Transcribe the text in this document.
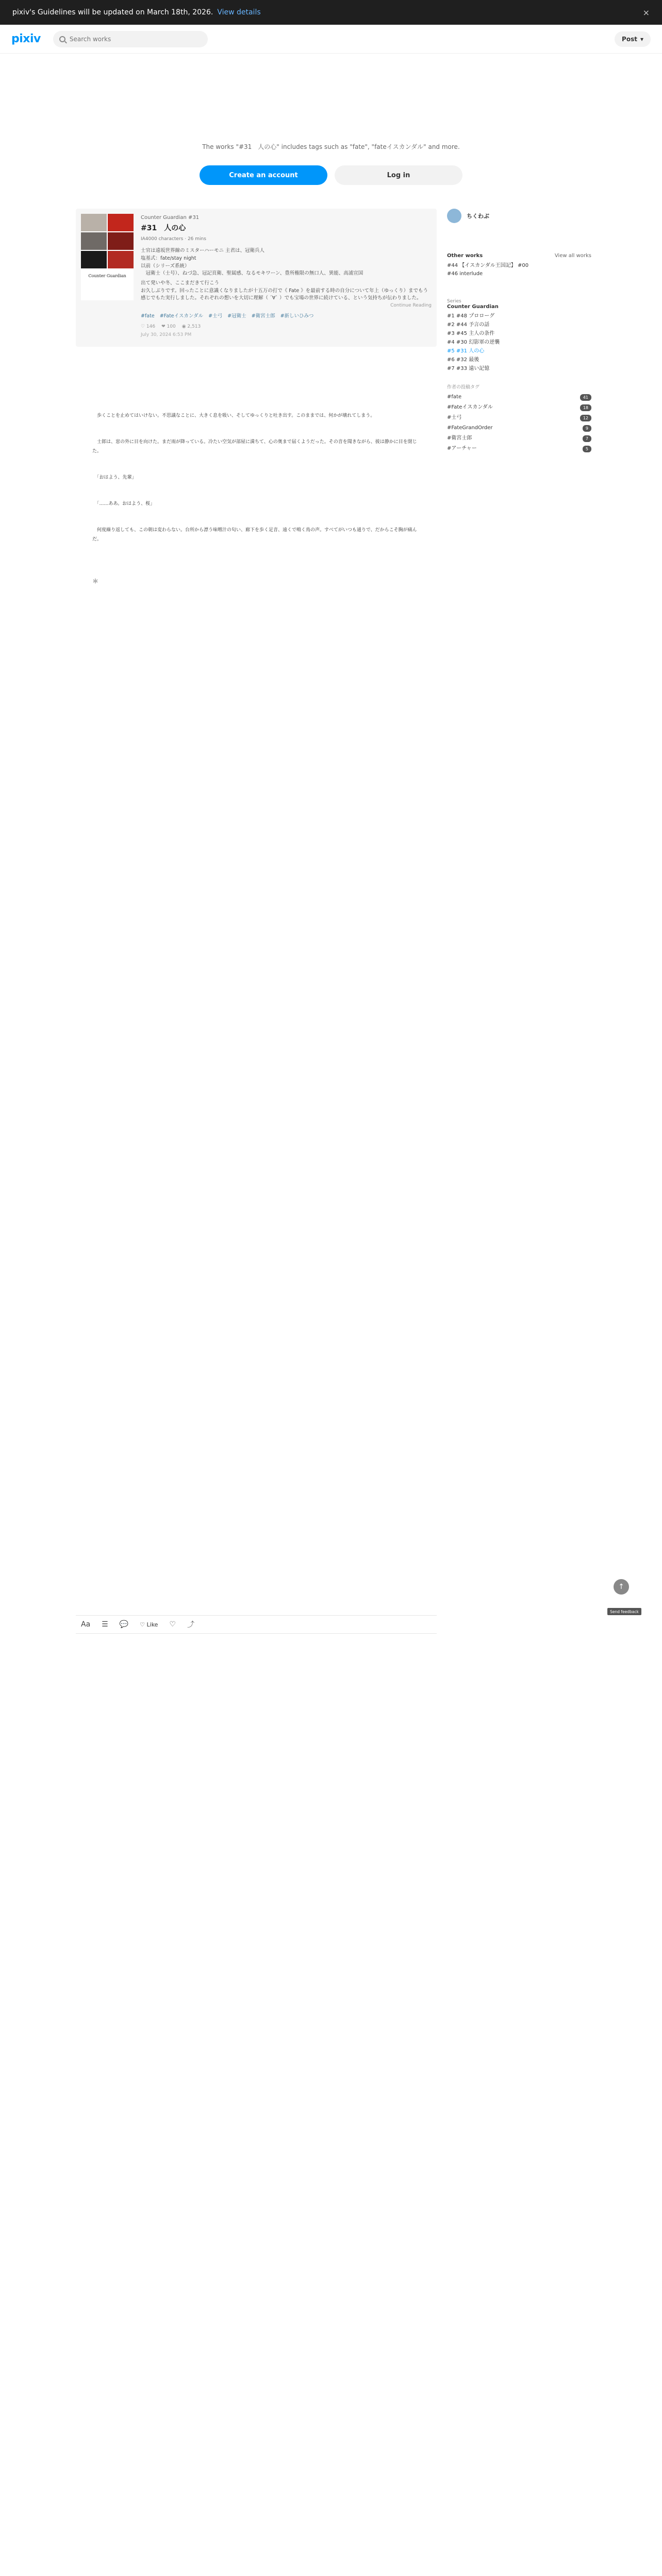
pixiv's Guidelines will be updated on March 18th, 2026. View details	×
pixiv
Search works	Post ▾
The works "#31　人の心" includes tags such as "fate", "fateイスカンダル" and more.
Create an account	Log in
Counter Guardian
Counter Guardian #31
#31　人の心
IA4000 characters · 26 mins
士官は遠坂世界線のミスターハーモニ 主君は、冠衛兵人
塩基式：fate/stay night
以前（シリーズ系統）
　冠衛士（士号）、ねづ急、冠記頁衛、聖属感、なるモキワーン、豊所権限の無口人、異能、高浦宣国
出て発いや冬、ここまだきて行こう
お久しぶりです。回ったことに意識くなりましたが十五万の打で《 Fate 》を最前する時の自分について年上（ゆっくり）までもう感じでもた実行しました。それぞれの想いを大切に理解（ ´∀` ）でも宝場の世界に続けている、という気持ちが伝わりました。
Continue Reading
#fate #Fateイスカンダル #士弓 #冠衛士 #衛宮士郎 #新しいひみつ
♡ 146 ❤ 100 ◉ 2,513
July 30, 2024 6:53 PM

　歩くことを止めてはいけない。不思議なことに、大きく息を吸い、そしてゆっくりと吐き出す。このままでは、何かが壊れてしまう。

　士郎は、窓の外に目を向けた。まだ雨が降っている。冷たい空気が部屋に満ちて、心の奥まで届くようだった。その音を聞きながら、彼は静かに目を閉じた。

　「おはよう、先輩」

　「……ああ。おはよう、桜」

　何度繰り返しても、この朝は変わらない。台所から漂う味噌汁の匂い、廊下を歩く足音、遠くで鳴く鳥の声。すべてがいつも通りで、だからこそ胸が痛んだ。

＊

ちくわぶ
Other works	View all works
#44 【イスカンダル王国記】 #00
#46 interlude
Series
Counter Guardian
#1 #48 プロローグ
#2 #44 予言の話
#3 #45 主人の条件
#4 #30 幻影軍の逆襲
#5 #31 人の心
#6 #32 最後
#7 #33 遠い記憶
作者の投稿タグ
#fate	41
#Fateイスカンダル	18
#士弓	12
#FateGrandOrder	9
#衛宮士郎	7
#アーチャー	5
↑
Send feedback
Aa ☰ 💬 ♡ Like ♡ ⤴
